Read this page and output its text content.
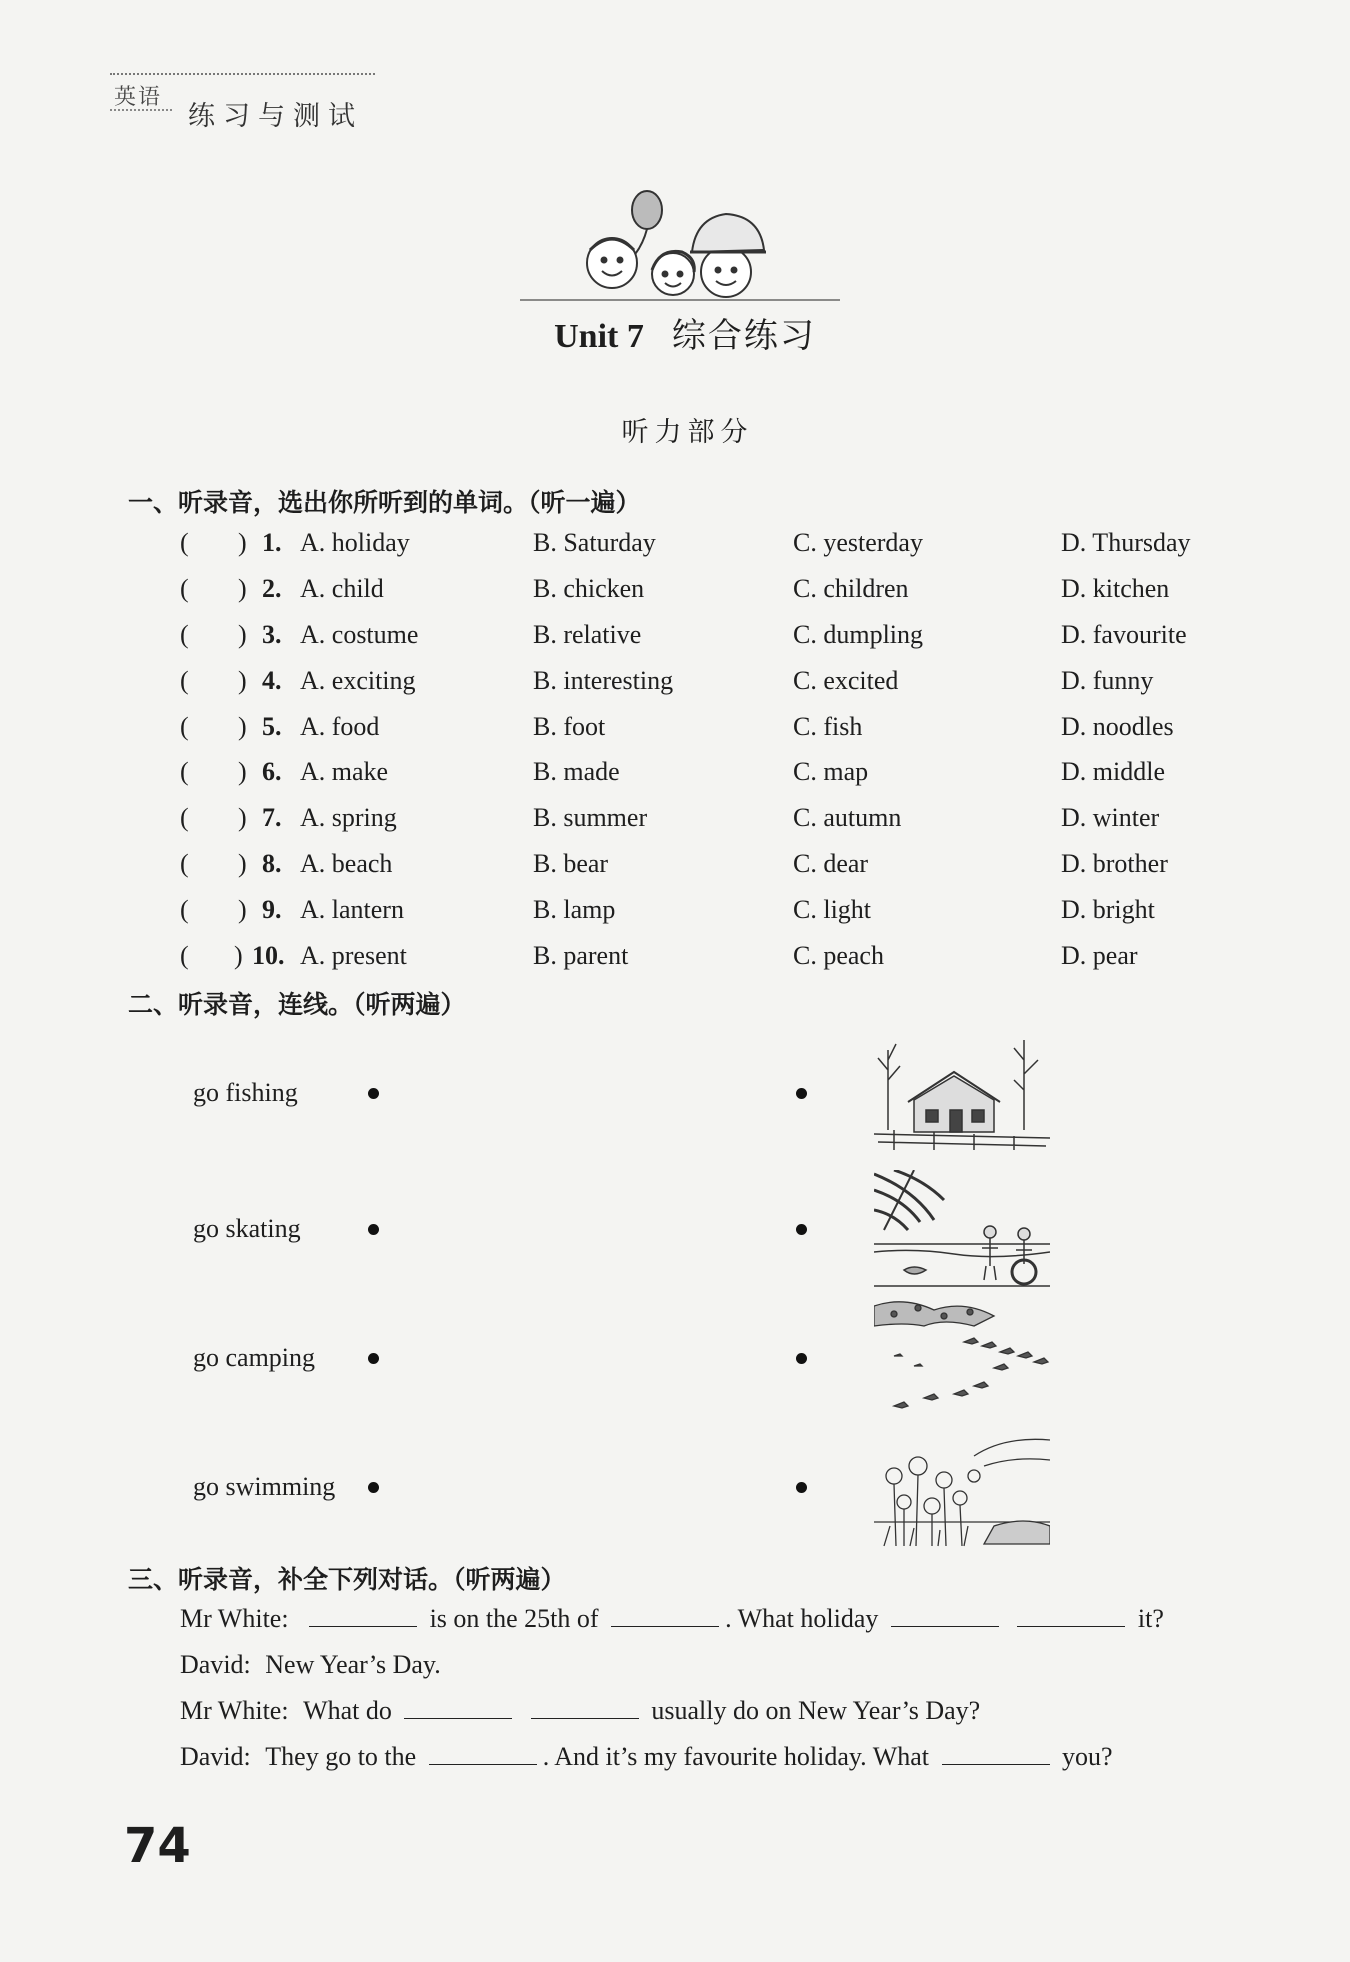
英语
练习与测试
Unit 7 综合练习
听力部分
一、听录音，选出你所听到的单词。（听一遍）
( ) 1. A. holiday	B. Saturday	C. yesterday	D. Thursday
( ) 2. A. child	B. chicken	C. children	D. kitchen
( ) 3. A. costume	B. relative	C. dumpling	D. favourite
( ) 4. A. exciting	B. interesting	C. excited	D. funny
( ) 5. A. food	B. foot	C. fish	D. noodles
( ) 6. A. make	B. made	C. map	D. middle
( ) 7. A. spring	B. summer	C. autumn	D. winter
( ) 8. A. beach	B. bear	C. dear	D. brother
( ) 9. A. lantern	B. lamp	C. light	D. bright
( ) 10. A. present	B. parent	C. peach	D. pear
二、听录音，连线。（听两遍）
go fishing
go skating
go camping
go swimming
三、听录音，补全下列对话。（听两遍）
Mr White:	is on the 25th of	. What holiday	it?
David: New Year’s Day.
Mr White: What do	usually do on New Year’s Day?
David: They go to the	. And it’s my favourite holiday. What	you?
74
